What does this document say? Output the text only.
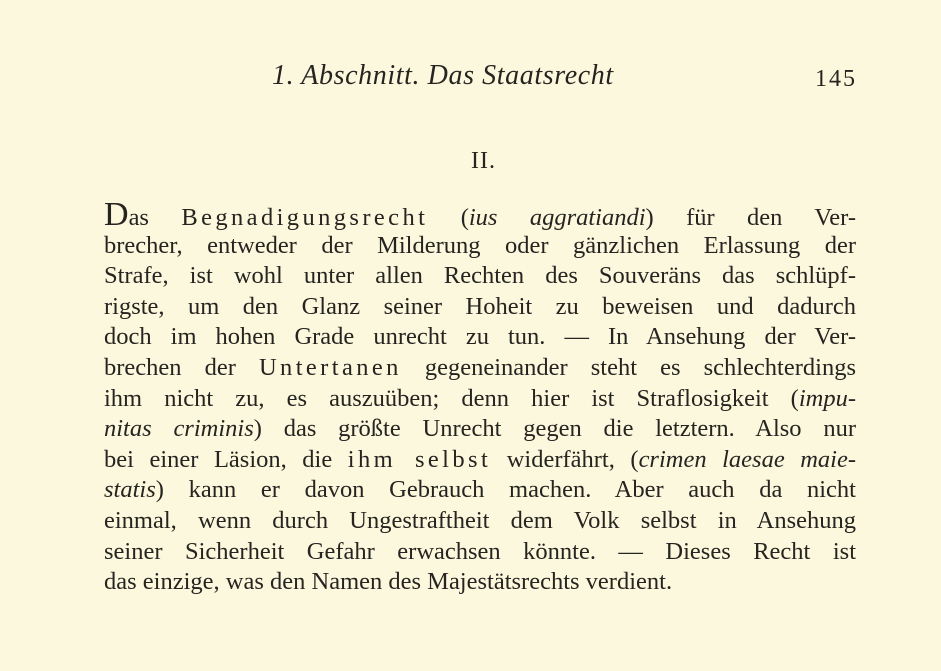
1. Abschnitt. Das Staatsrecht	145
II.
Das Begnadigungsrecht (ius aggratiandi) für den Ver-
brecher, entweder der Milderung oder gänzlichen Erlassung der
Strafe, ist wohl unter allen Rechten des Souveräns das schlüpf-
rigste, um den Glanz seiner Hoheit zu beweisen und dadurch
doch im hohen Grade unrecht zu tun. — In Ansehung der Ver-
brechen der Untertanen gegeneinander steht es schlechterdings
ihm nicht zu, es auszuüben; denn hier ist Straflosigkeit (impu-
nitas criminis) das größte Unrecht gegen die letztern. Also nur
bei einer Läsion, die ihm selbst widerfährt, (crimen laesae maie-
statis) kann er davon Gebrauch machen. Aber auch da nicht
einmal, wenn durch Ungestraftheit dem Volk selbst in Ansehung
seiner Sicherheit Gefahr erwachsen könnte. — Dieses Recht ist
das einzige, was den Namen des Majestätsrechts verdient.
